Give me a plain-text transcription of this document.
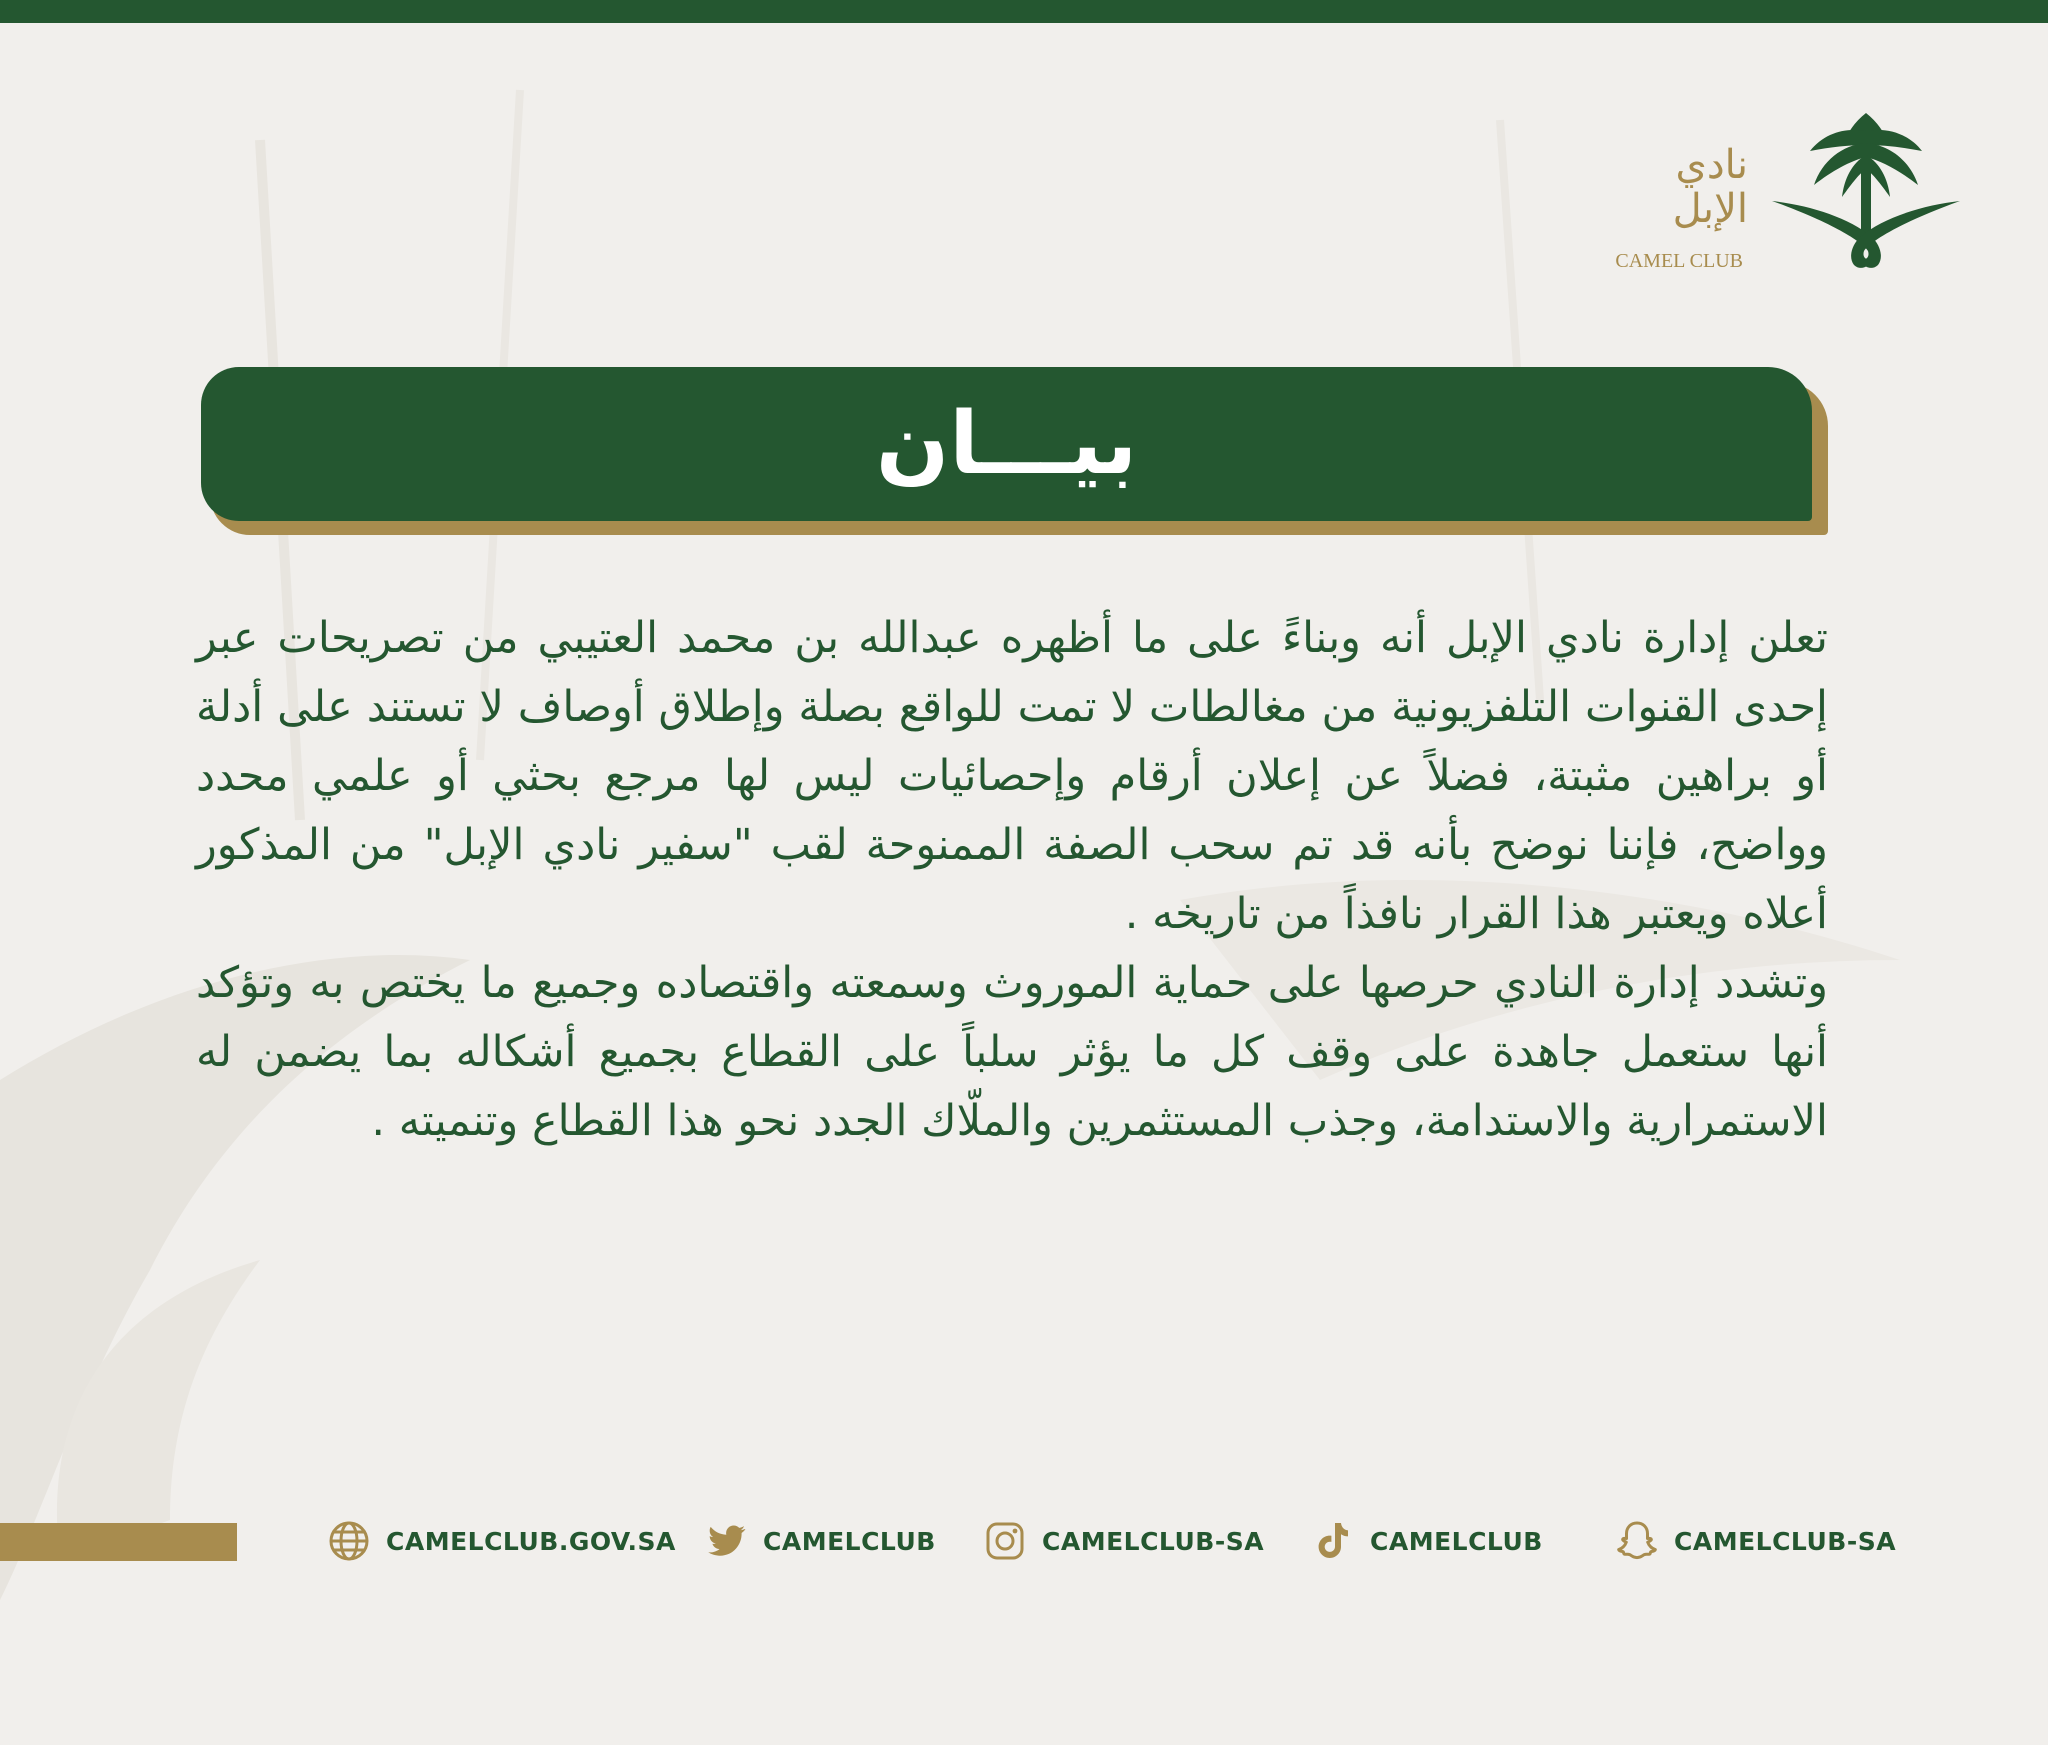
نادي
الإبل
CAMEL CLUB
بيـــان

تعلن إدارة نادي الإبل أنه وبناءً على ما أظهره عبدالله بن محمد العتيبي من تصريحات عبر إحدى القنوات التلفزيونية من مغالطات لا تمت للواقع بصلة وإطلاق أوصاف لا تستند على أدلة أو براهين مثبتة، فضلاً عن إعلان أرقام وإحصائيات ليس لها مرجع بحثي أو علمي محدد وواضح، فإننا نوضح بأنه قد تم سحب الصفة الممنوحة لقب "سفير نادي الإبل" من المذكور أعلاه ويعتبر هذا القرار نافذاً من تاريخه .

وتشدد إدارة النادي حرصها على حماية الموروث وسمعته واقتصاده وجميع ما يختص به وتؤكد أنها ستعمل جاهدة على وقف كل ما يؤثر سلباً على القطاع بجميع أشكاله بما يضمن له الاستمرارية والاستدامة، وجذب المستثمرين والملّاك الجدد نحو هذا القطاع وتنميته .

CAMELCLUB.GOV.SA	CAMELCLUB	CAMELCLUB-SA	CAMELCLUB	CAMELCLUB-SA
